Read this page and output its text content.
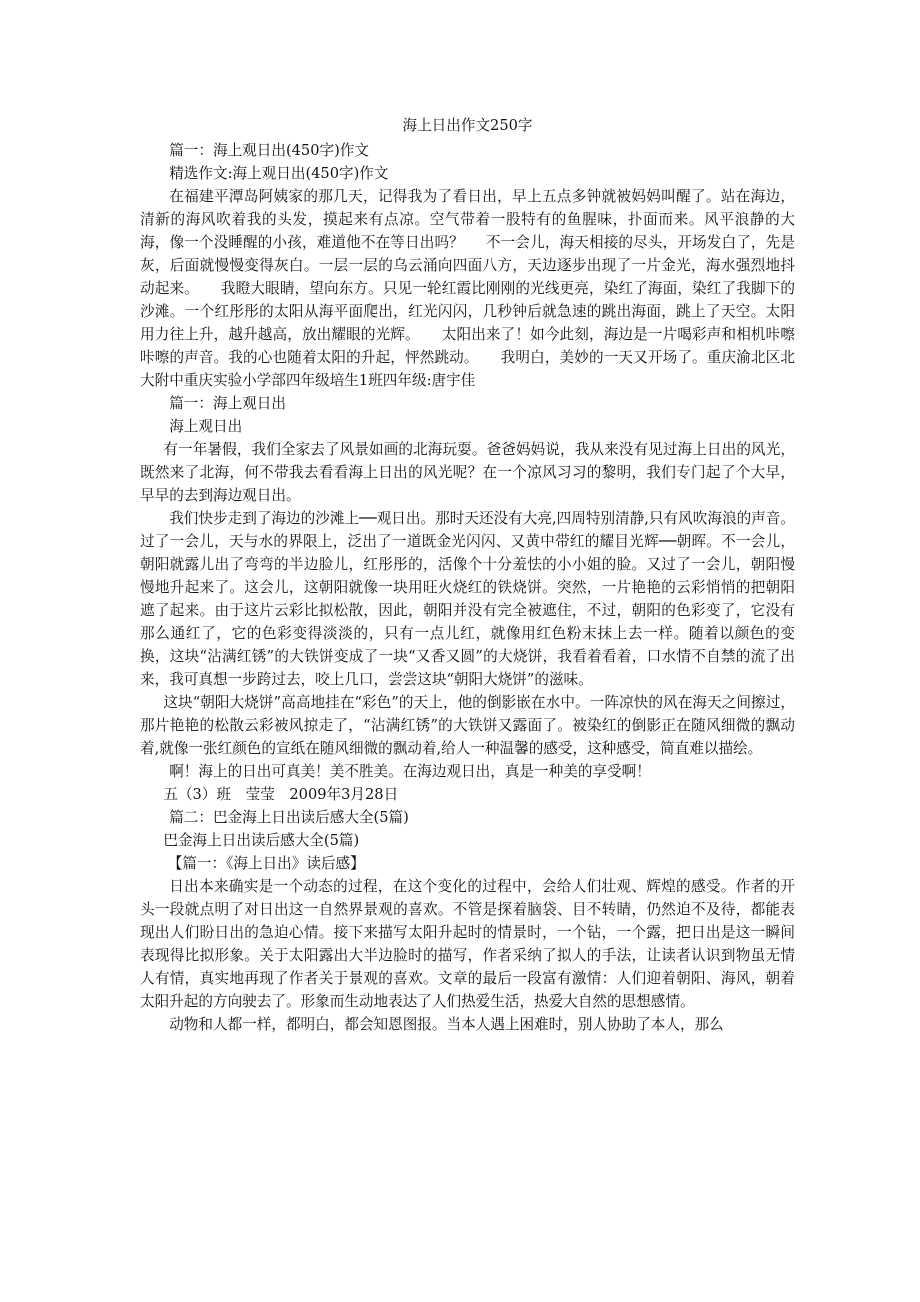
海上日出作文250字

篇一：海上观日出(450字)作文

精选作文:海上观日出(450字)作文

在福建平潭岛阿姨家的那几天，记得我为了看日出，早上五点多钟就被妈妈叫醒了。站在海边，清新的海风吹着我的头发，摸起来有点凉。空气带着一股特有的鱼腥味，扑面而来。风平浪静的大海，像一个没睡醒的小孩，难道他不在等日出吗？ 不一会儿，海天相接的尽头，开场发白了，先是灰，后面就慢慢变得灰白。一层一层的乌云涌向四面八方，天边逐步出现了一片金光，海水强烈地抖动起来。 我瞪大眼睛，望向东方。只见一轮红霞比刚刚的光线更亮，染红了海面，染红了我脚下的沙滩。一个红彤彤的太阳从海平面爬出，红光闪闪，几秒钟后就急速的跳出海面，跳上了天空。太阳用力往上升，越升越高，放出耀眼的光辉。 太阳出来了！如今此刻，海边是一片喝彩声和相机咔嚓咔嚓的声音。我的心也随着太阳的升起，怦然跳动。 我明白，美妙的一天又开场了。重庆渝北区北大附中重庆实验小学部四年级培生1班四年级:唐宇佳

篇一：海上观日出

海上观日出

有一年暑假，我们全家去了风景如画的北海玩耍。爸爸妈妈说，我从来没有见过海上日出的风光，既然来了北海，何不带我去看看海上日出的风光呢？在一个凉风习习的黎明，我们专门起了个大早，早早的去到海边观日出。

我们快步走到了海边的沙滩上──观日出。那时天还没有大亮,四周特别清静,只有风吹海浪的声音。过了一会儿，天与水的界限上，泛出了一道既金光闪闪、又黄中带红的耀目光辉──朝晖。不一会儿，朝阳就露儿出了弯弯的半边脸儿，红彤彤的，活像个十分羞怯的小小姐的脸。又过了一会儿，朝阳慢慢地升起来了。这会儿，这朝阳就像一块用旺火烧红的铁烧饼。突然，一片艳艳的云彩悄悄的把朝阳遮了起来。由于这片云彩比拟松散，因此，朝阳并没有完全被遮住，不过，朝阳的色彩变了，它没有那么通红了，它的色彩变得淡淡的，只有一点儿红，就像用红色粉末抹上去一样。随着以颜色的变换，这块“沾满红锈”的大铁饼变成了一块“又香又圆”的大烧饼，我看着看着，口水情不自禁的流了出来，我可真想一步跨过去，咬上几口，尝尝这块“朝阳大烧饼”的滋味。

这块“朝阳大烧饼”高高地挂在“彩色”的天上，他的倒影嵌在水中。一阵凉快的风在海天之间擦过，那片艳艳的松散云彩被风掠走了，“沾满红锈”的大铁饼又露面了。被染红的倒影正在随风细微的飘动着,就像一张红颜色的宣纸在随风细微的飘动着,给人一种温馨的感受，这种感受，简直难以描绘。

啊！海上的日出可真美！美不胜美。在海边观日出，真是一种美的享受啊！

五（3）班　莹莹　2009年3月28日

篇二：巴金海上日出读后感大全(5篇)

巴金海上日出读后感大全(5篇)

【篇一：《海上日出》读后感】

日出本来确实是一个动态的过程，在这个变化的过程中，会给人们壮观、辉煌的感受。作者的开头一段就点明了对日出这一自然界景观的喜欢。不管是探着脑袋、目不转睛，仍然迫不及待，都能表现出人们盼日出的急迫心情。接下来描写太阳升起时的情景时，一个钻，一个露，把日出是这一瞬间表现得比拟形象。关于太阳露出大半边脸时的描写，作者采纳了拟人的手法，让读者认识到物虽无情人有情，真实地再现了作者关于景观的喜欢。文章的最后一段富有激情：人们迎着朝阳、海风，朝着太阳升起的方向驶去了。形象而生动地表达了人们热爱生活，热爱大自然的思想感情。

动物和人都一样，都明白，都会知恩图报。当本人遇上困难时，别人协助了本人，那么
